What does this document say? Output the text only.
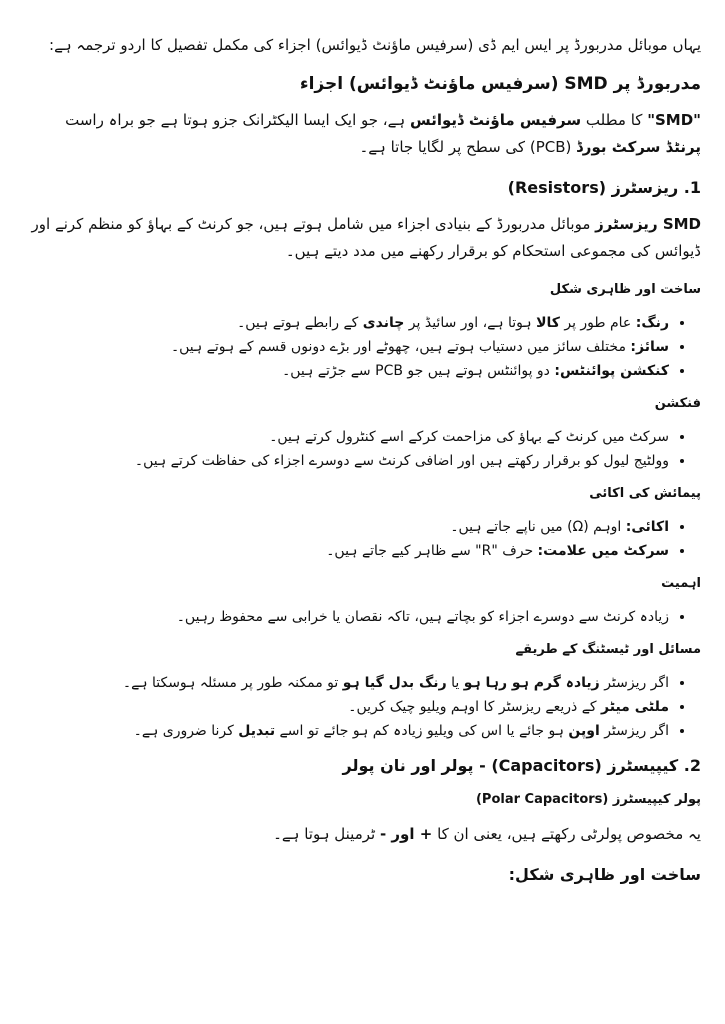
یہاں موبائل مدربورڈ پر ایس ایم ڈی (سرفیس ماؤنٹ ڈیوائس) اجزاء کی مکمل تفصیل کا اردو ترجمہ ہے:

مدربورڈ پر SMD (سرفیس ماؤنٹ ڈیوائس) اجزاء

"SMD" کا مطلب سرفیس ماؤنٹ ڈیوائس ہے، جو ایک ایسا الیکٹرانک جزو ہوتا ہے جو براہ راست پرنٹڈ سرکٹ بورڈ (PCB) کی سطح پر لگایا جاتا ہے۔

1. ریزسٹرز (Resistors)

SMD ریزسٹرز موبائل مدربورڈ کے بنیادی اجزاء میں شامل ہوتے ہیں، جو کرنٹ کے بہاؤ کو منظم کرنے اور ڈیوائس کی مجموعی استحکام کو برقرار رکھنے میں مدد دیتے ہیں۔

ساخت اور ظاہری شکل

• رنگ: عام طور پر کالا ہوتا ہے، اور سائیڈ پر چاندی کے رابطے ہوتے ہیں۔
• سائز: مختلف سائز میں دستیاب ہوتے ہیں، چھوٹے اور بڑے دونوں قسم کے ہوتے ہیں۔
• کنکشن پوائنٹس: دو پوائنٹس ہوتے ہیں جو PCB سے جڑتے ہیں۔

فنکشن

• سرکٹ میں کرنٹ کے بہاؤ کی مزاحمت کرکے اسے کنٹرول کرتے ہیں۔
• وولٹیج لیول کو برقرار رکھتے ہیں اور اضافی کرنٹ سے دوسرے اجزاء کی حفاظت کرتے ہیں۔

پیمائش کی اکائی

• اکائی: اوہم (Ω) میں ناپے جاتے ہیں۔
• سرکٹ میں علامت: حرف "R" سے ظاہر کیے جاتے ہیں۔

اہمیت

• زیادہ کرنٹ سے دوسرے اجزاء کو بچاتے ہیں، تاکہ نقصان یا خرابی سے محفوظ رہیں۔

مسائل اور ٹیسٹنگ کے طریقے

• اگر ریزسٹر زیادہ گرم ہو رہا ہو یا رنگ بدل گیا ہو تو ممکنہ طور پر مسئلہ ہوسکتا ہے۔
• ملٹی میٹر کے ذریعے ریزسٹر کا اوہم ویلیو چیک کریں۔
• اگر ریزسٹر اوپن ہو جائے یا اس کی ویلیو زیادہ کم ہو جائے تو اسے تبدیل کرنا ضروری ہے۔

2. کیپیسٹرز (Capacitors) - پولر اور نان پولر

پولر کیپیسٹرز (Polar Capacitors)

یہ مخصوص پولرٹی رکھتے ہیں، یعنی ان کا + اور - ٹرمینل ہوتا ہے۔

ساخت اور ظاہری شکل:
